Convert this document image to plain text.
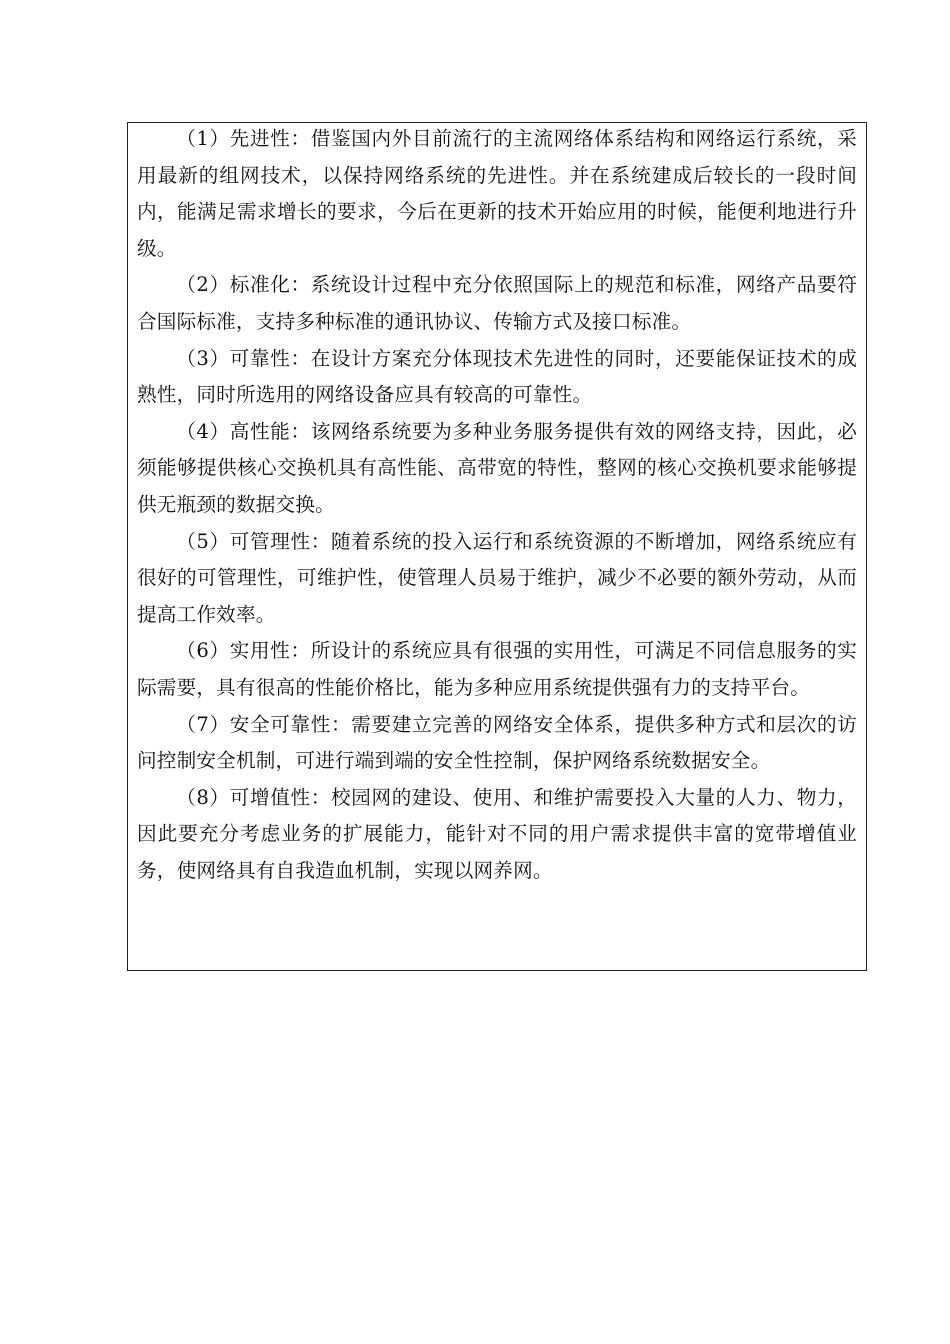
（1）先进性：借鉴国内外目前流行的主流网络体系结构和网络运行系统，采用最新的组网技术，以保持网络系统的先进性。并在系统建成后较长的一段时间内，能满足需求增长的要求，今后在更新的技术开始应用的时候，能便利地进行升级。

（2）标准化：系统设计过程中充分依照国际上的规范和标准，网络产品要符合国际标准，支持多种标准的通讯协议、传输方式及接口标准。

（3）可靠性：在设计方案充分体现技术先进性的同时，还要能保证技术的成熟性，同时所选用的网络设备应具有较高的可靠性。

（4）高性能：该网络系统要为多种业务服务提供有效的网络支持，因此，必须能够提供核心交换机具有高性能、高带宽的特性，整网的核心交换机要求能够提供无瓶颈的数据交换。

（5）可管理性：随着系统的投入运行和系统资源的不断增加，网络系统应有很好的可管理性，可维护性，使管理人员易于维护，减少不必要的额外劳动，从而提高工作效率。

（6）实用性：所设计的系统应具有很强的实用性，可满足不同信息服务的实际需要，具有很高的性能价格比，能为多种应用系统提供强有力的支持平台。

（7）安全可靠性：需要建立完善的网络安全体系，提供多种方式和层次的访问控制安全机制，可进行端到端的安全性控制，保护网络系统数据安全。

（8）可增值性：校园网的建设、使用、和维护需要投入大量的人力、物力，因此要充分考虑业务的扩展能力，能针对不同的用户需求提供丰富的宽带增值业务，使网络具有自我造血机制，实现以网养网。
